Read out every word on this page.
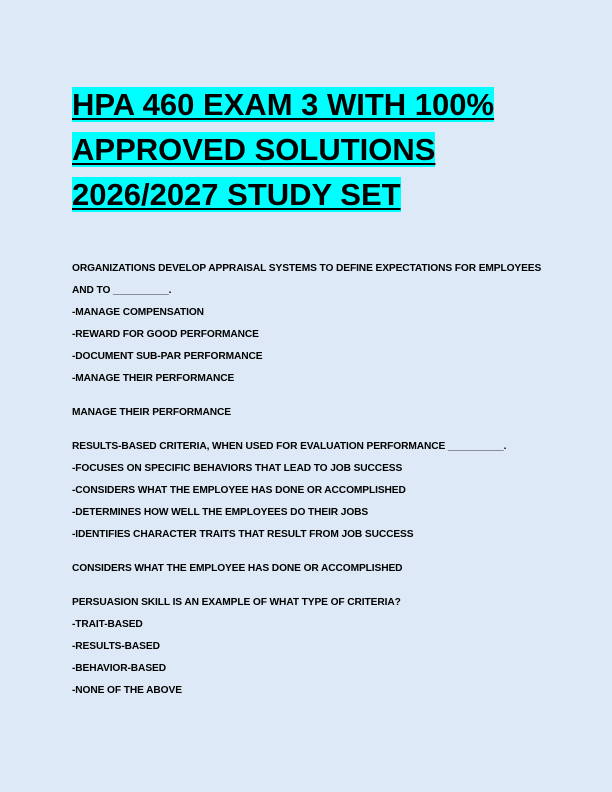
HPA 460 EXAM 3 WITH 100%
APPROVED SOLUTIONS
2026/2027 STUDY SET
ORGANIZATIONS DEVELOP APPRAISAL SYSTEMS TO DEFINE EXPECTATIONS FOR EMPLOYEES
AND TO __________.
-MANAGE COMPENSATION
-REWARD FOR GOOD PERFORMANCE
-DOCUMENT SUB-PAR PERFORMANCE
-MANAGE THEIR PERFORMANCE
MANAGE THEIR PERFORMANCE
RESULTS-BASED CRITERIA, WHEN USED FOR EVALUATION PERFORMANCE __________.
-FOCUSES ON SPECIFIC BEHAVIORS THAT LEAD TO JOB SUCCESS
-CONSIDERS WHAT THE EMPLOYEE HAS DONE OR ACCOMPLISHED
-DETERMINES HOW WELL THE EMPLOYEES DO THEIR JOBS
-IDENTIFIES CHARACTER TRAITS THAT RESULT FROM JOB SUCCESS
CONSIDERS WHAT THE EMPLOYEE HAS DONE OR ACCOMPLISHED
PERSUASION SKILL IS AN EXAMPLE OF WHAT TYPE OF CRITERIA?
-TRAIT-BASED
-RESULTS-BASED
-BEHAVIOR-BASED
-NONE OF THE ABOVE
